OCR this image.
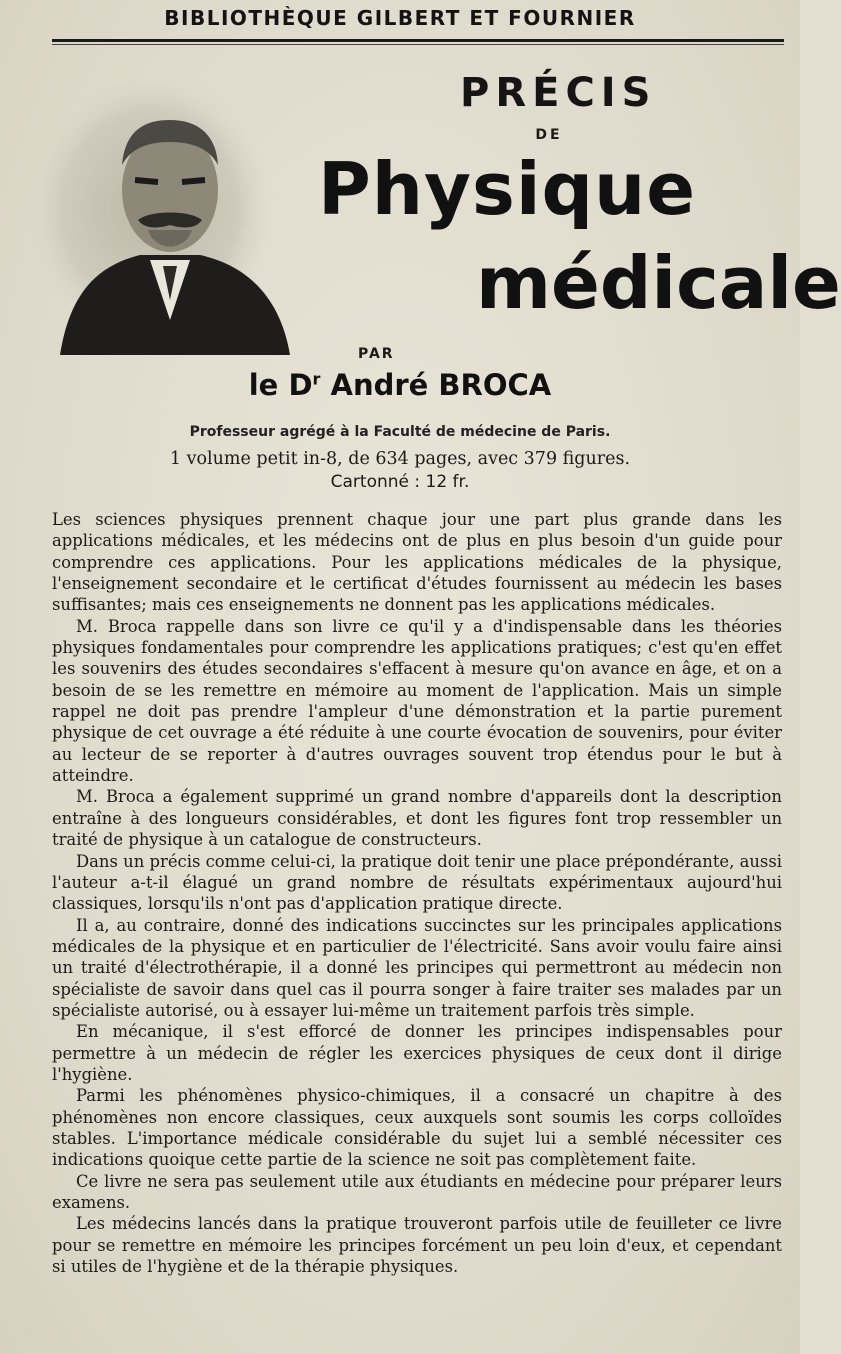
BIBLIOTHÈQUE GILBERT ET FOURNIER
PRÉCIS
DE
Physique
médicale
PAR
le $D^r$ André BROCA
Professeur agrégé à la Faculté de médecine de Paris.
1 volume petit in-8, de 634 pages, avec 379 figures.
Cartonné : 12 fr.

Les sciences physiques prennent chaque jour une part plus grande dans les applications médicales, et les médecins ont de plus en plus besoin d'un guide pour comprendre ces applications. Pour les applications médicales de la physique, l'enseignement secondaire et le certificat d'études fournissent au médecin les bases suffisantes; mais ces enseignements ne donnent pas les applications médicales.

M. Broca rappelle dans son livre ce qu'il y a d'indispensable dans les théories physiques fondamentales pour comprendre les applications pratiques; c'est qu'en effet les souvenirs des études secondaires s'effacent à mesure qu'on avance en âge, et on a besoin de se les remettre en mémoire au moment de l'application. Mais un simple rappel ne doit pas prendre l'ampleur d'une démonstration et la partie purement physique de cet ouvrage a été réduite à une courte évocation de souvenirs, pour éviter au lecteur de se reporter à d'autres ouvrages souvent trop étendus pour le but à atteindre.

M. Broca a également supprimé un grand nombre d'appareils dont la description entraîne à des longueurs considérables, et dont les figures font trop ressembler un traité de physique à un catalogue de constructeurs.

Dans un précis comme celui-ci, la pratique doit tenir une place prépondérante, aussi l'auteur a-t-il élagué un grand nombre de résultats expérimentaux aujourd'hui classiques, lorsqu'ils n'ont pas d'application pratique directe.

Il a, au contraire, donné des indications succinctes sur les principales applications médicales de la physique et en particulier de l'électricité. Sans avoir voulu faire ainsi un traité d'électrothérapie, il a donné les principes qui permettront au médecin non spécialiste de savoir dans quel cas il pourra songer à faire traiter ses malades par un spécialiste autorisé, ou à essayer lui-même un traitement parfois très simple.

En mécanique, il s'est efforcé de donner les principes indispensables pour permettre à un médecin de régler les exercices physiques de ceux dont il dirige l'hygiène.

Parmi les phénomènes physico-chimiques, il a consacré un chapitre à des phénomènes non encore classiques, ceux auxquels sont soumis les corps colloïdes stables. L'importance médicale considérable du sujet lui a semblé nécessiter ces indications quoique cette partie de la science ne soit pas complètement faite.

Ce livre ne sera pas seulement utile aux étudiants en médecine pour préparer leurs examens.

Les médecins lancés dans la pratique trouveront parfois utile de feuilleter ce livre pour se remettre en mémoire les principes forcément un peu loin d'eux, et cependant si utiles de l'hygiène et de la thérapie physiques.
